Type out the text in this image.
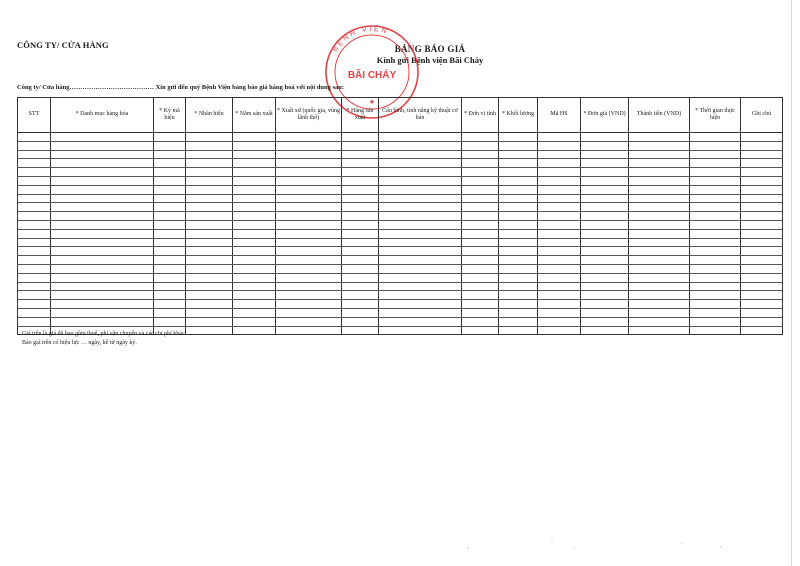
CÔNG TY/ CỬA HÀNG	BẢNG BÁO GIÁ
Kính gửi Bệnh viện Bãi Cháy
BỆNH VIỆN
BÃI CHÁY
★
Công ty/ Cửa hàng………………………………… Xin gửi đến quý Bệnh Viện bảng báo giá hàng hoá với nội dung sau:
STT	* Danh mục hàng hóa	* Ký mã hiệu	* Nhãn hiệu	* Năm sản xuất	* Xuất xứ (quốc gia, vùng lãnh thổ)	* Hãng sản xuất	Cấu hình, tính năng kỹ thuật cơ bản	* Đơn vị tính	* Khối lượng	Mã HS	* Đơn giá (VND)	Thành tiền (VND)	* Thời gian thực hiện	Ghi chú

Giá trên là giá đã bao gồm thuế, phí vận chuyển và các chi phí khác
Báo giá trên có hiệu lực … ngày, kể từ ngày ký.
